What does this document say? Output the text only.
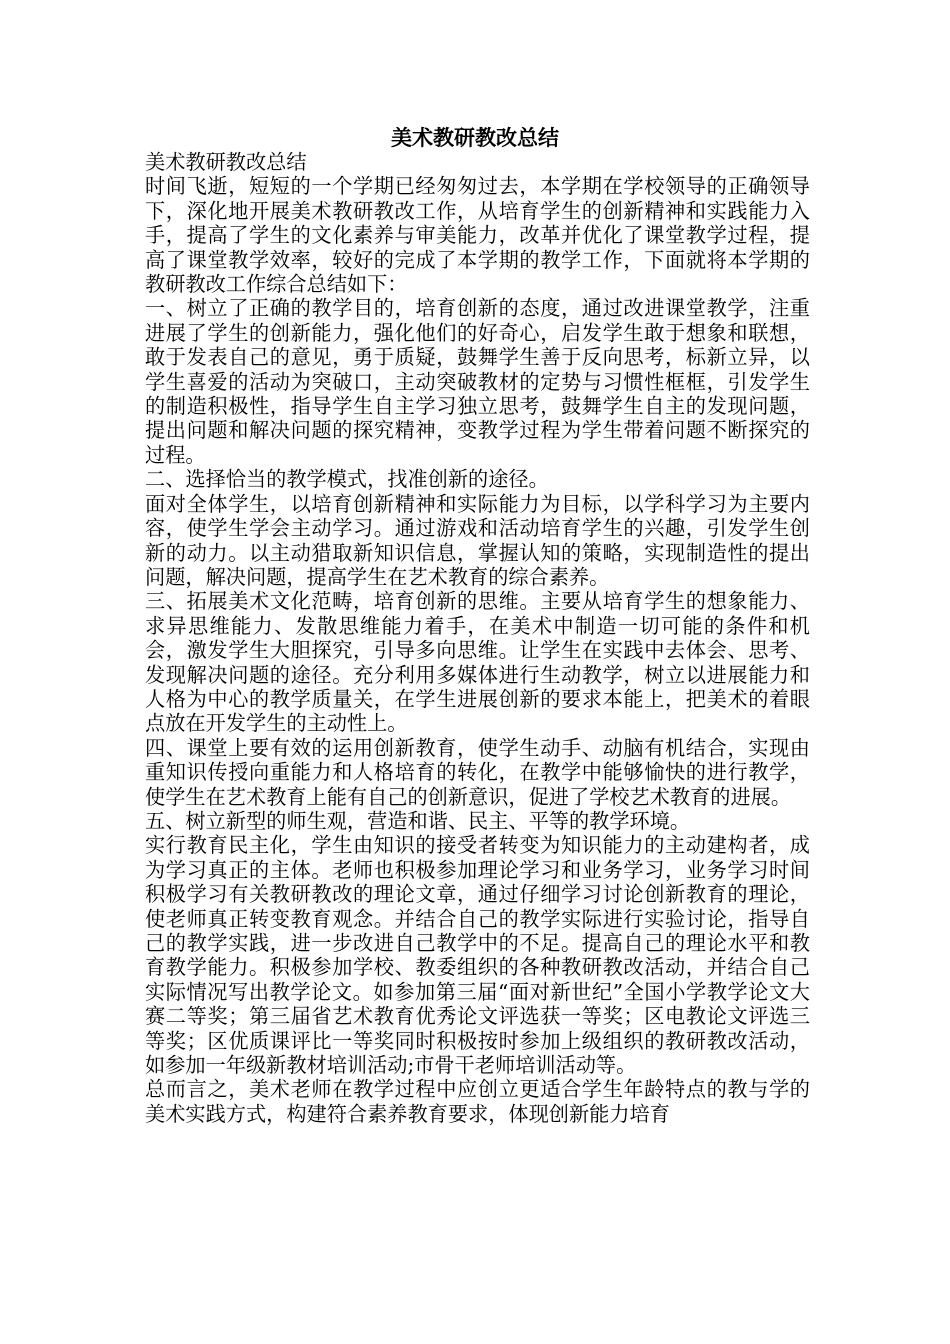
美术教研教改总结

美术教研教改总结

时间飞逝，短短的一个学期已经匆匆过去，本学期在学校领导的正确领导下，深化地开展美术教研教改工作，从培育学生的创新精神和实践能力入手，提高了学生的文化素养与审美能力，改革并优化了课堂教学过程，提高了课堂教学效率，较好的完成了本学期的教学工作，下面就将本学期的教研教改工作综合总结如下：

一、树立了正确的教学目的，培育创新的态度，通过改进课堂教学，注重进展了学生的创新能力，强化他们的好奇心，启发学生敢于想象和联想，敢于发表自己的意见，勇于质疑，鼓舞学生善于反向思考，标新立异，以学生喜爱的活动为突破口，主动突破教材的定势与习惯性框框，引发学生的制造积极性，指导学生自主学习独立思考，鼓舞学生自主的发现问题，提出问题和解决问题的探究精神，变教学过程为学生带着问题不断探究的过程。

二、选择恰当的教学模式，找准创新的途径。

面对全体学生，以培育创新精神和实际能力为目标，以学科学习为主要内容，使学生学会主动学习。通过游戏和活动培育学生的兴趣，引发学生创新的动力。以主动猎取新知识信息，掌握认知的策略，实现制造性的提出问题，解决问题，提高学生在艺术教育的综合素养。

三、拓展美术文化范畴，培育创新的思维。主要从培育学生的想象能力、求异思维能力、发散思维能力着手，在美术中制造一切可能的条件和机会，激发学生大胆探究，引导多向思维。让学生在实践中去体会、思考、发现解决问题的途径。充分利用多媒体进行生动教学，树立以进展能力和人格为中心的教学质量关，在学生进展创新的要求本能上，把美术的着眼点放在开发学生的主动性上。

四、课堂上要有效的运用创新教育，使学生动手、动脑有机结合，实现由重知识传授向重能力和人格培育的转化，在教学中能够愉快的进行教学，使学生在艺术教育上能有自己的创新意识，促进了学校艺术教育的进展。

五、树立新型的师生观，营造和谐、民主、平等的教学环境。

实行教育民主化，学生由知识的接受者转变为知识能力的主动建构者，成为学习真正的主体。老师也积极参加理论学习和业务学习，业务学习时间积极学习有关教研教改的理论文章，通过仔细学习讨论创新教育的理论，使老师真正转变教育观念。并结合自己的教学实际进行实验讨论，指导自己的教学实践，进一步改进自己教学中的不足。提高自己的理论水平和教育教学能力。积极参加学校、教委组织的各种教研教改活动，并结合自己实际情况写出教学论文。如参加第三届“面对新世纪”全国小学教学论文大赛二等奖；第三届省艺术教育优秀论文评选获一等奖；区电教论文评选三等奖；区优质课评比一等奖同时积极按时参加上级组织的教研教改活动，如参加一年级新教材培训活动;市骨干老师培训活动等。

总而言之，美术老师在教学过程中应创立更适合学生年龄特点的教与学的美术实践方式，构建符合素养教育要求，体现创新能力培育
